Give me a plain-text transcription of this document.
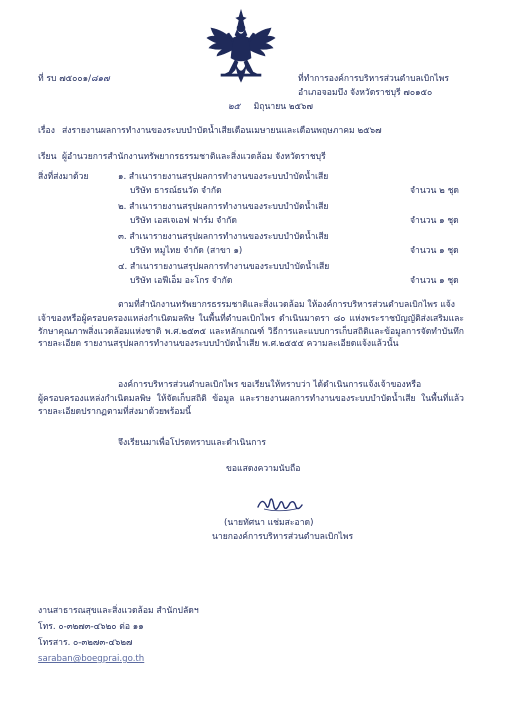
ที่ รบ ๗๕๐๐๑/๘๑๗	ที่ทำการองค์การบริหารส่วนตำบลเบิกไพร
อำเภอจอมบึง จังหวัดราชบุรี ๗๐๑๕๐
๒๕ มิถุนายน ๒๕๖๗
เรื่อง ส่งรายงานผลการทำงานของระบบบำบัดน้ำเสียเดือนเมษายนและเดือนพฤษภาคม ๒๕๖๗
เรียน ผู้อำนวยการสำนักงานทรัพยากรธรรมชาติและสิ่งแวดล้อม จังหวัดราชบุรี
สิ่งที่ส่งมาด้วย	๑. สำเนารายงานสรุปผลการทำงานของระบบบำบัดน้ำเสีย
บริษัท ธารณ์ธนวัต จำกัด	จำนวน ๒ ชุด
๒. สำเนารายงานสรุปผลการทำงานของระบบบำบัดน้ำเสีย
บริษัท เอสเจเอฟ ฟาร์ม จำกัด	จำนวน ๑ ชุด
๓. สำเนารายงานสรุปผลการทำงานของระบบบำบัดน้ำเสีย
บริษัท หมูไทย จำกัด (สาขา ๑)	จำนวน ๑ ชุด
๔. สำเนารายงานสรุปผลการทำงานของระบบบำบัดน้ำเสีย
บริษัท เอฟีเอ็ม อะโกร จำกัด	จำนวน ๑ ชุด
ตามที่สำนักงานทรัพยากรธรรมชาติและสิ่งแวดล้อม ให้องค์การบริหารส่วนตำบลเบิกไพร แจ้ง
เจ้าของหรือผู้ครอบครองแหล่งกำเนิดมลพิษ ในพื้นที่ตำบลเบิกไพร ดำเนินมาตรา ๘๐ แห่งพระราชบัญญัติส่งเสริมและรักษาคุณภาพสิ่งแวดล้อมแห่งชาติ พ.ศ.๒๕๓๕ และหลักเกณฑ์ วิธีการและแบบการเก็บสถิติและข้อมูลการจัดทำบันทึกรายละเอียด รายงานสรุปผลการทำงานของระบบบำบัดน้ำเสีย พ.ศ.๒๕๕๕ ความละเอียดแจ้งแล้วนั้น
องค์การบริหารส่วนตำบลเบิกไพร ขอเรียนให้ทราบว่า ได้ดำเนินการแจ้งเจ้าของหรือ
ผู้ครอบครองแหล่งกำเนิดมลพิษ ให้จัดเก็บสถิติ ข้อมูล และรายงานผลการทำงานของระบบบำบัดน้ำเสีย ในพื้นที่แล้ว รายละเอียดปรากฏตามที่ส่งมาด้วยพร้อมนี้
จึงเรียนมาเพื่อโปรดทราบและดำเนินการ
ขอแสดงความนับถือ
(นายทัศนา แช่มสะอาด)
นายกองค์การบริหารส่วนตำบลเบิกไพร
งานสาธารณสุขและสิ่งแวดล้อม สำนักปลัดฯ
โทร. ๐-๓๒๗๓-๔๖๒๐ ต่อ ๑๑
โทรสาร. ๐-๓๒๗๓-๔๖๒๗
saraban@boegprai.go.th
